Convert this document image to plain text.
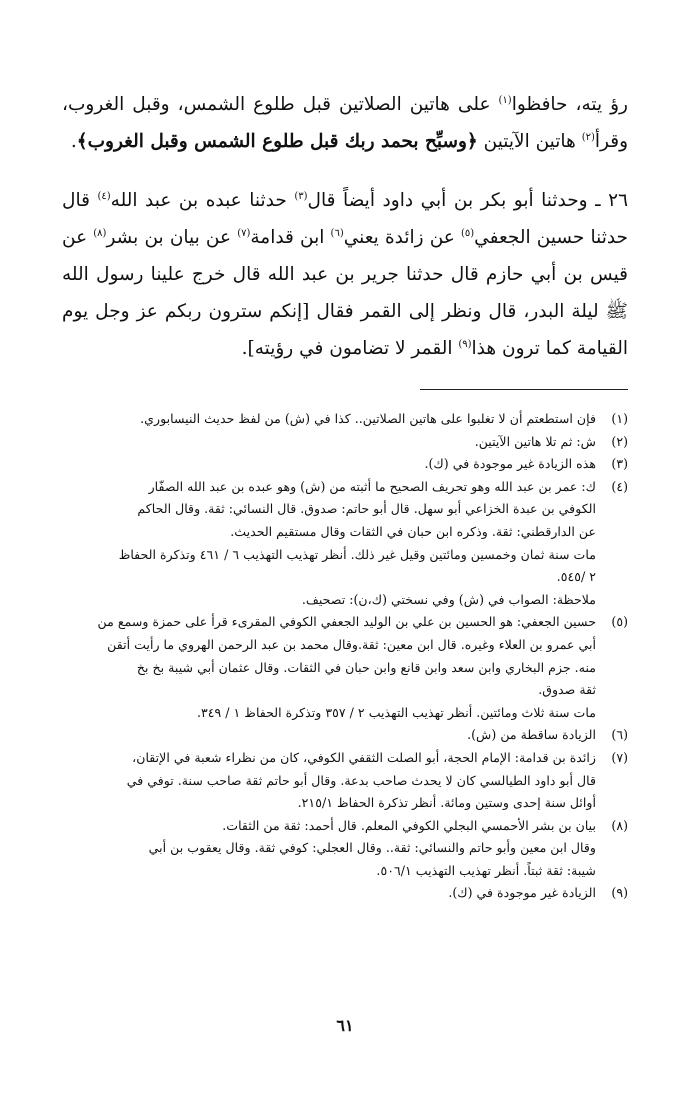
رؤ يته، حافظوا$^{(١)}$ على هاتين الصلاتين قبل طلوع الشمس، وقبل الغروب، وقرأ$^{(٢)}$ هاتين الآيتين ﴿وسبِّح بحمد ربك قبل طلوع الشمس وقبل الغروب﴾.

٢٦ ـ وحدثنا أبو بكر بن أبي داود أيضاً قال$^{(٣)}$ حدثنا عبده بن عبد الله$^{(٤)}$ قال حدثنا حسين الجعفي$^{(٥)}$ عن زائدة يعني$^{(٦)}$ ابن قدامة$^{(٧)}$ عن بيان بن بشر$^{(٨)}$ عن قيس بن أبي حازم قال حدثنا جرير بن عبد الله قال خرج علينا رسول الله ﷺ ليلة البدر، قال ونظر إلى القمر فقال [إنكم سترون ربكم عز وجل يوم القيامة كما ترون هذا$^{(٩)}$ القمر لا تضامون في رؤيته].

(١)
فإن استطعتم أن لا تغلبوا على هاتين الصلاتين.. كذا في (ش) من لفظ حديث النيسابوري.
(٢)
ش: ثم تلا هاتين الآيتين.
(٣)
هذه الزيادة غير موجودة في (ك).
(٤)
ك: عمر بن عبد الله وهو تحريف الصحيح ما أثبته من (ش) وهو عبده بن عبد الله الصفّار
الكوفي بن عبدة الخزاعي أبو سهل. قال أبو حاتم: صدوق. قال النسائي: ثقة. وقال الحاكم
عن الدارقطني: ثقة. وذكره ابن حبان في الثقات وقال مستقيم الحديث.
مات سنة ثمان وخمسين ومائتين وقيل غير ذلك. أنظر تهذيب التهذيب ٦ / ٤٦١ وتذكرة الحفاظ
٢ /٥٤٥.
ملاحظة: الصواب في (ش) وفي نسختي (ك،ن): تصحيف.
(٥)
حسين الجعفي: هو الحسين بن علي بن الوليد الجعفي الكوفي المقرىء قرأ على حمزة وسمع من
أبي عمرو بن العلاء وغيره. قال ابن معين: ثقة.وقال محمد بن عبد الرحمن الهروي ما رأيت أتقن
منه. جزم البخاري وابن سعد وابن قانع وابن حبان في الثقات. وقال عثمان أبي شيبة بخ بخ
ثقة صدوق.
مات سنة ثلاث ومائتين. أنظر تهذيب التهذيب ٢ / ٣٥٧ وتذكرة الحفاظ ١ / ٣٤٩.
(٦)
الزيادة ساقطة من (ش).
(٧)
زائدة بن قدامة: الإمام الحجة، أبو الصلت الثقفي الكوفي، كان من نظراء شعبة في الإتقان،
قال أبو داود الطيالسي كان لا يحدث صاحب بدعة. وقال أبو حاتم ثقة صاحب سنة. توفي في
أوائل سنة إحدى وستين ومائة. أنظر تذكرة الحفاظ ٢١٥/١.
(٨)
بيان بن بشر الأحمسي البجلي الكوفي المعلم. قال أحمد: ثقة من الثقات.
وقال ابن معين وأبو حاتم والنسائي: ثقة.. وقال العجلي: كوفي ثقة. وقال يعقوب بن أبي
شيبة: ثقة ثبتاً. أنظر تهذيب التهذيب ٥٠٦/١.
(٩)
الزيادة غير موجودة في (ك).
٦١
